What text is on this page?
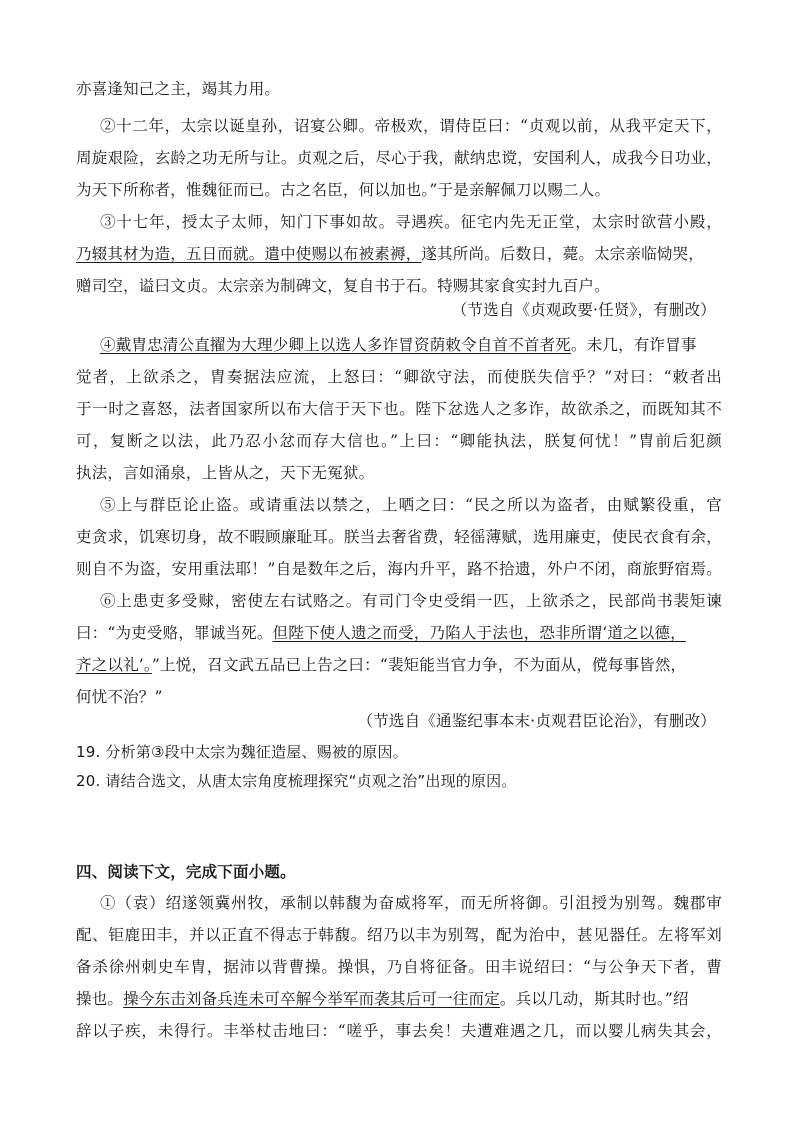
亦喜逢知己之主，竭其力用。
②十二年，太宗以诞皇孙，诏宴公卿。帝极欢，谓侍臣曰：“贞观以前，从我平定天下，
周旋艰险，玄龄之功无所与让。贞观之后，尽心于我，献纳忠谠，安国利人，成我今日功业，
为天下所称者，惟魏征而已。古之名臣，何以加也。”于是亲解佩刀以赐二人。
③十七年，授太子太师，知门下事如故。寻遇疾。征宅内先无正堂，太宗时欲营小殿，
乃辍其材为造，五日而就。遣中使赐以布被素褥，遂其所尚。后数日，薨。太宗亲临恸哭，
赠司空，谥曰文贞。太宗亲为制碑文，复自书于石。特赐其家食实封九百户。
（节选自《贞观政要·任贤》，有删改）
④戴胄忠清公直擢为大理少卿上以选人多诈冒资荫敕令自首不首者死。未几，有诈冒事
觉者，上欲杀之，胄奏据法应流，上怒曰：“卿欲守法，而使朕失信乎？”对曰：“敕者出
于一时之喜怒，法者国家所以布大信于天下也。陛下忿选人之多诈，故欲杀之，而既知其不
可，复断之以法，此乃忍小忿而存大信也。”上曰：“卿能执法，朕复何忧！”胄前后犯颜
执法，言如涌泉，上皆从之，天下无冤狱。
⑤上与群臣论止盗。或请重法以禁之，上哂之曰：“民之所以为盗者，由赋繁役重，官
吏贪求，饥寒切身，故不暇顾廉耻耳。朕当去奢省费，轻徭薄赋，选用廉吏，使民衣食有余，
则自不为盗，安用重法耶！”自是数年之后，海内升平，路不拾遗，外户不闭，商旅野宿焉。
⑥上患吏多受赇，密使左右试赂之。有司门令史受绢一匹，上欲杀之，民部尚书裴矩谏
曰：“为吏受赂，罪诚当死。但陛下使人遗之而受，乃陷人于法也，恐非所谓‘道之以德，
齐之以礼’。”上悦，召文武五品已上告之曰：“裴矩能当官力争，不为面从，傥每事皆然，
何忧不治？”
（节选自《通鉴纪事本末·贞观君臣论治》，有删改）
19. 分析第③段中太宗为魏征造屋、赐被的原因。
20. 请结合选文，从唐太宗角度梳理探究“贞观之治”出现的原因。
四、阅读下文，完成下面小题。
①（袁）绍遂领冀州牧，承制以韩馥为奋威将军，而无所将御。引沮授为别驾。魏郡审
配、钜鹿田丰，并以正直不得志于韩馥。绍乃以丰为别驾，配为治中，甚见器任。左将军刘
备杀徐州刺史车胄，据沛以背曹操。操惧，乃自将征备。田丰说绍曰：“与公争天下者，曹
操也。操今东击刘备兵连未可卒解今举军而袭其后可一往而定。兵以几动，斯其时也。”绍
辞以子疾，未得行。丰举杖击地曰：“嗟乎，事去矣！夫遭难遇之几，而以婴儿病失其会，
